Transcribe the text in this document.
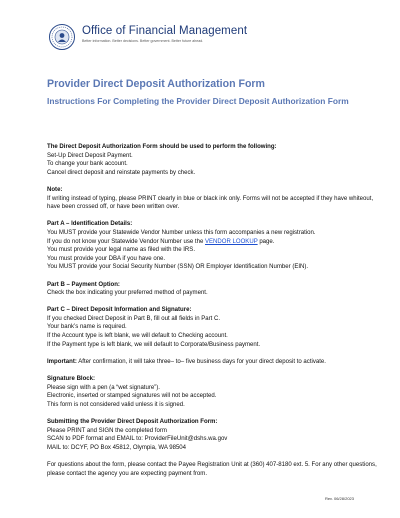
Office of Financial Management
Better information. Better decisions. Better government. Better future ahead.
Provider Direct Deposit Authorization Form
Instructions For Completing the Provider Direct Deposit Authorization Form
The Direct Deposit Authorization Form should be used to perform the following:
Set-Up Direct Deposit Payment.
To change your bank account.
Cancel direct deposit and reinstate payments by check.
Note:
If writing instead of typing, please PRINT clearly in blue or black ink only. Forms will not be accepted if they have whiteout, have been crossed off, or have been written over.
Part A – Identification Details:
You MUST provide your Statewide Vendor Number unless this form accompanies a new registration.
If you do not know your Statewide Vendor Number use the VENDOR LOOKUP page.
You must provide your legal name as filed with the IRS.
You must provide your DBA if you have one.
You MUST provide your Social Security Number (SSN) OR Employer Identification Number (EIN).
Part B – Payment Option:
Check the box indicating your preferred method of payment.
Part C – Direct Deposit Information and Signature:
If you checked Direct Deposit in Part B, fill out all fields in Part C.
Your bank’s name is required.
If the Account type is left blank, we will default to Checking account.
If the Payment type is left blank, we will default to Corporate/Business payment.
Important: After confirmation, it will take three– to– five business days for your direct deposit to activate.
Signature Block:
Please sign with a pen (a “wet signature”).
Electronic, inserted or stamped signatures will not be accepted.
This form is not considered valid unless it is signed.
Submitting the Provider Direct Deposit Authorization Form:
Please PRINT and SIGN the completed form
SCAN to PDF format and EMAIL to: ProviderFileUnit@dshs.wa.gov
MAIL to: DCYF, PO Box 45812, Olympia, WA 98504
For questions about the form, please contact the Payee Registration Unit at (360) 407-8180 ext. 5. For any other questions, please contact the agency you are expecting payment from.
Rev. 06/28/2023
